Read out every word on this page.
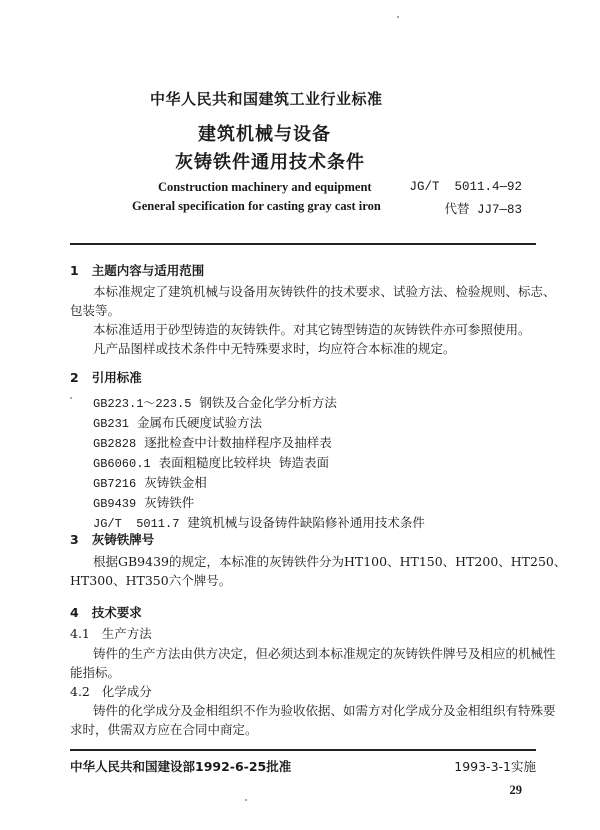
中华人民共和国建筑工业行业标准
建筑机械与设备
灰铸铁件通用技术条件
Construction machinery and equipment
General specification for casting gray cast iron
JG/T  5011.4—92
代替 JJ7—83
1   主题内容与适用范围
本标准规定了建筑机械与设备用灰铸铁件的技术要求、试验方法、检验规则、标志、
包装等。
本标准适用于砂型铸造的灰铸铁件。对其它铸型铸造的灰铸铁件亦可参照使用。
凡产品图样或技术条件中无特殊要求时，均应符合本标准的规定。
2   引用标准
GB223.1～223.5 钢铁及合金化学分析方法
GB231 金属布氏硬度试验方法
GB2828 逐批检查中计数抽样程序及抽样表
GB6060.1 表面粗糙度比较样块  铸造表面
GB7216 灰铸铁金相
GB9439 灰铸铁件
JG/T  5011.7 建筑机械与设备铸件缺陷修补通用技术条件
3   灰铸铁牌号
根据GB9439的规定，本标准的灰铸铁件分为HT100、HT150、HT200、HT250、
HT300、HT350六个牌号。
4   技术要求
4.1   生产方法
铸件的生产方法由供方决定，但必须达到本标准规定的灰铸铁件牌号及相应的机械性
能指标。
4.2   化学成分
铸件的化学成分及金相组织不作为验收依据、如需方对化学成分及金相组织有特殊要
求时，供需双方应在合同中商定。
中华人民共和国建设部1992-6-25批准	1993-3-1实施
29
